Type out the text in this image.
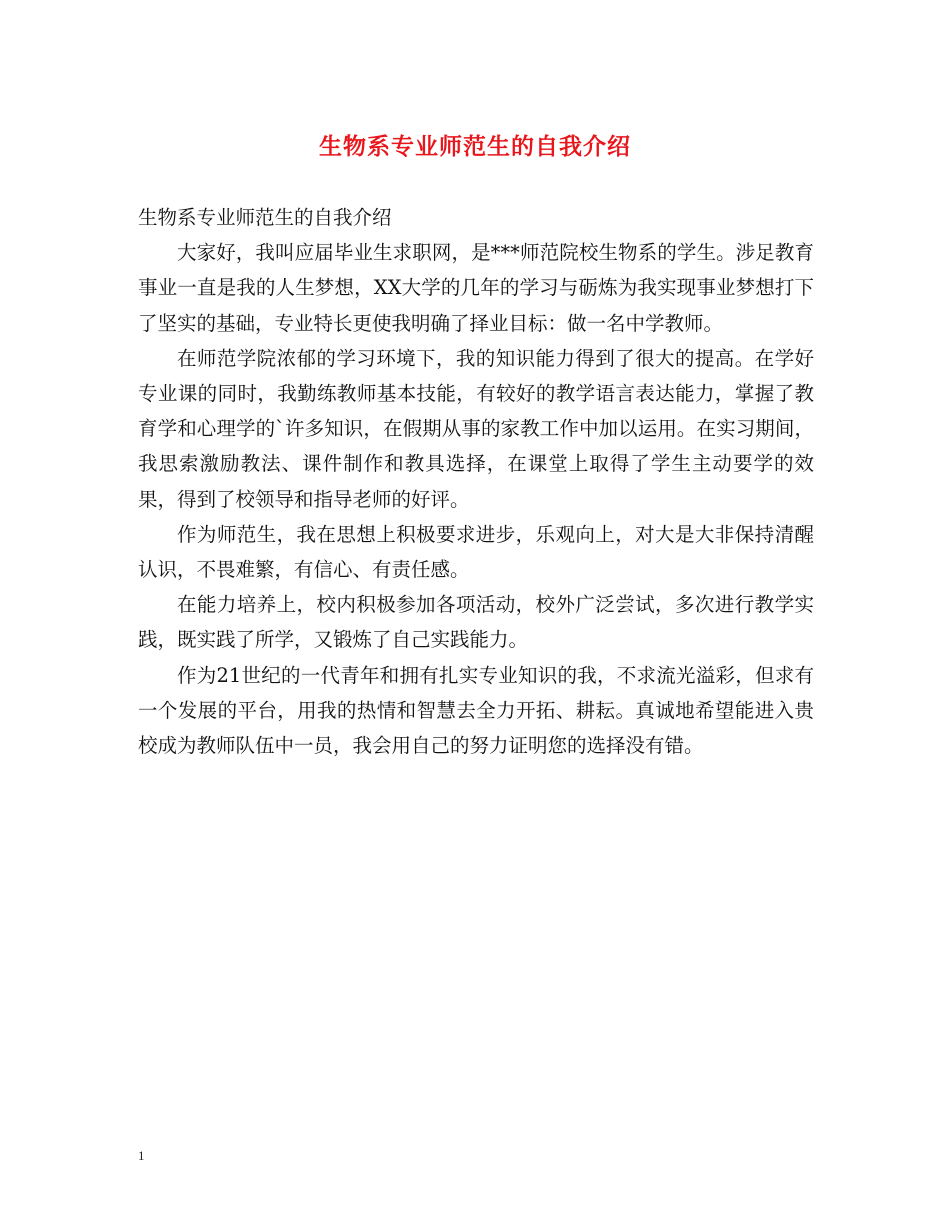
生物系专业师范生的自我介绍

生物系专业师范生的自我介绍

大家好，我叫应届毕业生求职网，是***师范院校生物系的学生。涉足教育事业一直是我的人生梦想，XX大学的几年的学习与砺炼为我实现事业梦想打下了坚实的基础，专业特长更使我明确了择业目标：做一名中学教师。

在师范学院浓郁的学习环境下，我的知识能力得到了很大的提高。在学好专业课的同时，我勤练教师基本技能，有较好的教学语言表达能力，掌握了教育学和心理学的`许多知识，在假期从事的家教工作中加以运用。在实习期间，我思索激励教法、课件制作和教具选择，在课堂上取得了学生主动要学的效果，得到了校领导和指导老师的好评。

作为师范生，我在思想上积极要求进步，乐观向上，对大是大非保持清醒认识，不畏难繁，有信心、有责任感。

在能力培养上，校内积极参加各项活动，校外广泛尝试，多次进行教学实践，既实践了所学，又锻炼了自己实践能力。

作为21世纪的一代青年和拥有扎实专业知识的我，不求流光溢彩，但求有一个发展的平台，用我的热情和智慧去全力开拓、耕耘。真诚地希望能进入贵校成为教师队伍中一员，我会用自己的努力证明您的选择没有错。

1
